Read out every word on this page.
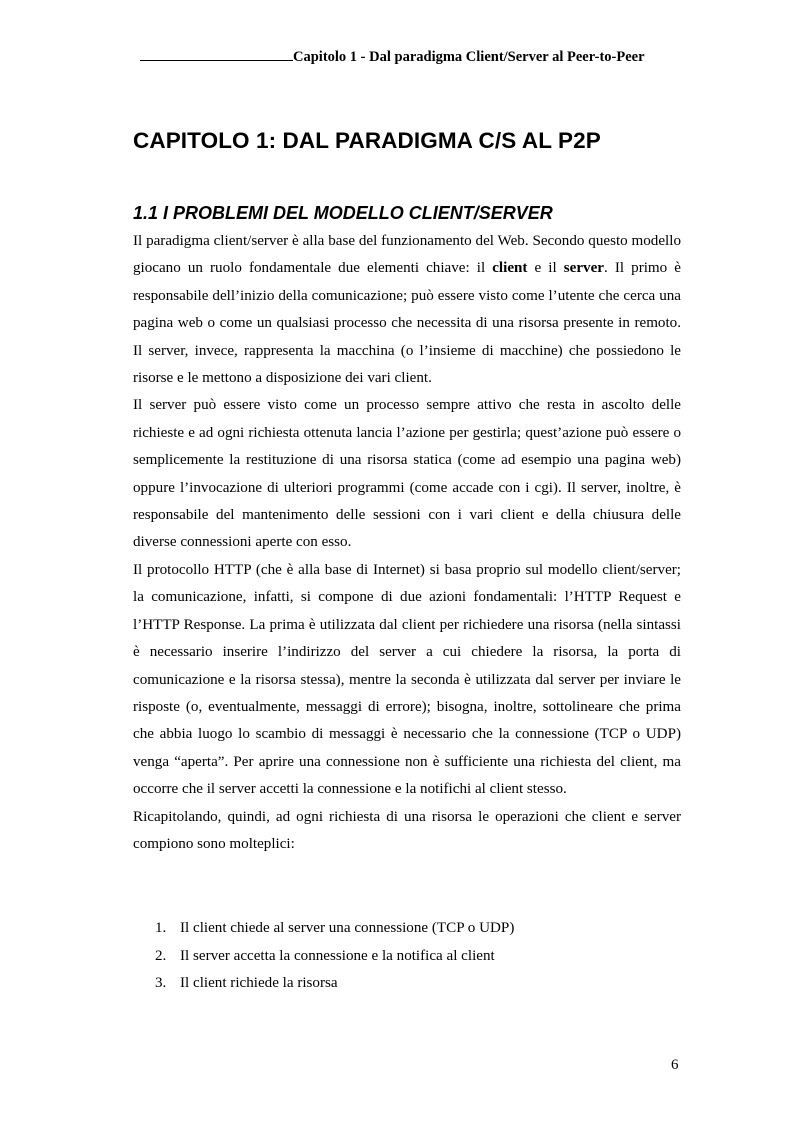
Capitolo 1 - Dal paradigma Client/Server al Peer-to-Peer
CAPITOLO 1: DAL PARADIGMA C/S AL P2P
1.1 I PROBLEMI DEL MODELLO CLIENT/SERVER

Il paradigma client/server è alla base del funzionamento del Web. Secondo questo modello giocano un ruolo fondamentale due elementi chiave: il client e il server. Il primo è responsabile dell’inizio della comunicazione; può essere visto come l’utente che cerca una pagina web o come un qualsiasi processo che necessita di una risorsa presente in remoto. Il server, invece, rappresenta la macchina (o l’insieme di macchine) che possiedono le risorse e le mettono a disposizione dei vari client.

Il server può essere visto come un processo sempre attivo che resta in ascolto delle richieste e ad ogni richiesta ottenuta lancia l’azione per gestirla; quest’azione può essere o semplicemente la restituzione di una risorsa statica (come ad esempio una pagina web) oppure l’invocazione di ulteriori programmi (come accade con i cgi). Il server, inoltre, è responsabile del mantenimento delle sessioni con i vari client e della chiusura delle diverse connessioni aperte con esso.

Il protocollo HTTP (che è alla base di Internet) si basa proprio sul modello client/server; la comunicazione, infatti, si compone di due azioni fondamentali: l’HTTP Request e l’HTTP Response. La prima è utilizzata dal client per richiedere una risorsa (nella sintassi è necessario inserire l’indirizzo del server a cui chiedere la risorsa, la porta di comunicazione e la risorsa stessa), mentre la seconda è utilizzata dal server per inviare le risposte (o, eventualmente, messaggi di errore); bisogna, inoltre, sottolineare che prima che abbia luogo lo scambio di messaggi è necessario che la connessione (TCP o UDP) venga “aperta”. Per aprire una connessione non è sufficiente una richiesta del client, ma occorre che il server accetti la connessione e la notifichi al client stesso.

Ricapitolando, quindi, ad ogni richiesta di una risorsa le operazioni che client e server compiono sono molteplici:

1. Il client chiede al server una connessione (TCP o UDP)
2. Il server accetta la connessione e la notifica al client
3. Il client richiede la risorsa
6
